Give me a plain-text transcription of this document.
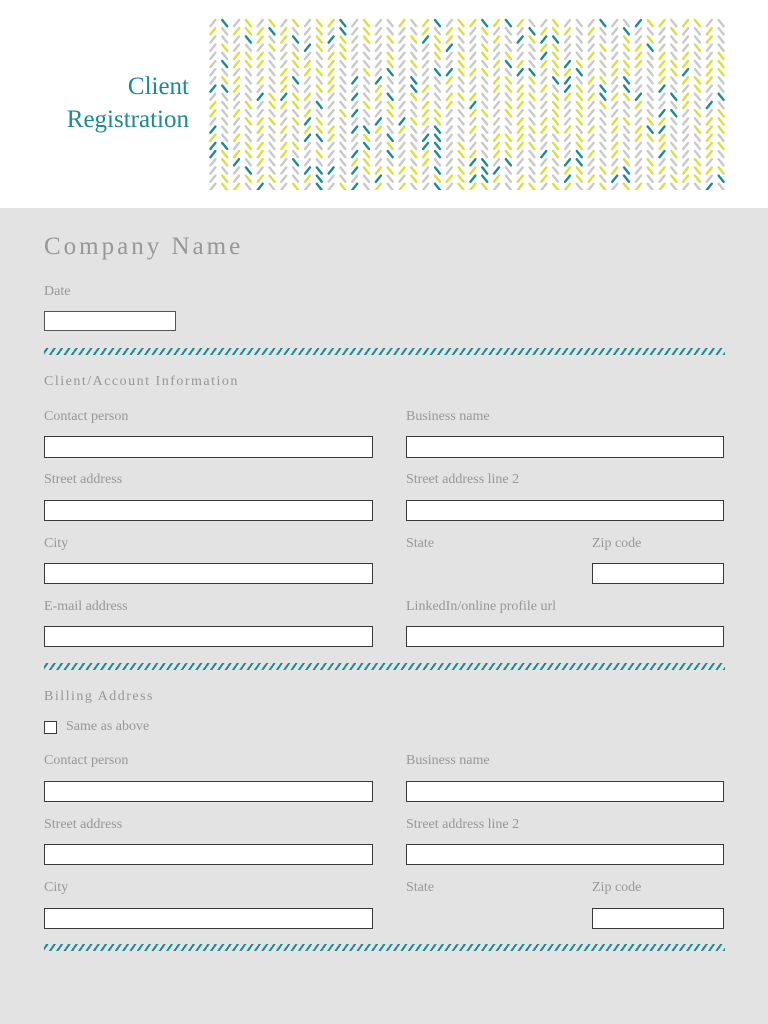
Client
Registration
Company Name
Date
Client/Account Information
Contact person	Business name
Street address	Street address line 2
City	State	Zip code
E-mail address	LinkedIn/online profile url
Billing Address
Same as above
Contact person	Business name
Street address	Street address line 2
City	State	Zip code
